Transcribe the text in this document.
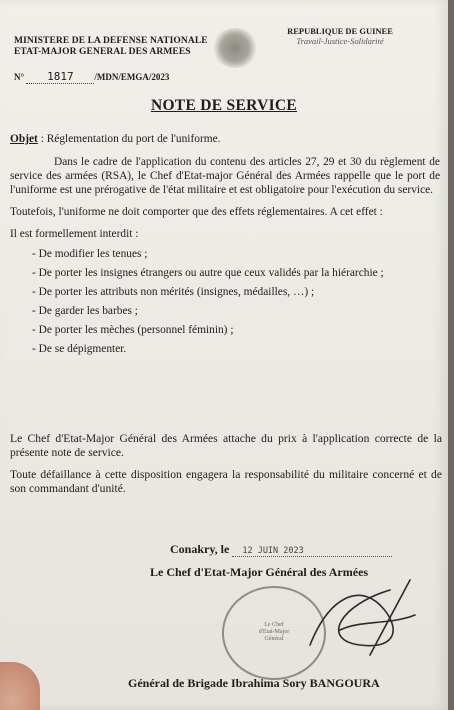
MINISTERE DE LA DEFENSE NATIONALE
ETAT-MAJOR GENERAL DES ARMEES
REPUBLIQUE DE GUINEE
Travail-Justice-Solidarité
N° 1817 /MDN/EMGA/2023
NOTE DE SERVICE

Objet : Réglementation du port de l'uniforme.

Dans le cadre de l'application du contenu des articles 27, 29 et 30 du règlement de service des armées (RSA), le Chef d'Etat-major Général des Armées rappelle que le port de l'uniforme est une prérogative de l'état militaire et est obligatoire pour l'exécution du service.

Toutefois, l'uniforme ne doit comporter que des effets réglementaires. A cet effet :

Il est formellement interdit :

- De modifier les tenues ;
- De porter les insignes étrangers ou autre que ceux validés par la hiérarchie ;
- De porter les attributs non mérités (insignes, médailles, …) ;
- De garder les barbes ;
- De porter les mèches (personnel féminin) ;
- De se dépigmenter.

Le Chef d'Etat-Major Général des Armées attache du prix à l'application correcte de la présente note de service.

Toute défaillance à cette disposition engagera la responsabilité du militaire concerné et de son commandant d'unité.

Conakry, le 12 JUIN 2023
Le Chef d'Etat-Major Général des Armées
Le Chef
d'Etat-Major
Général
Général de Brigade Ibrahima Sory BANGOURA
